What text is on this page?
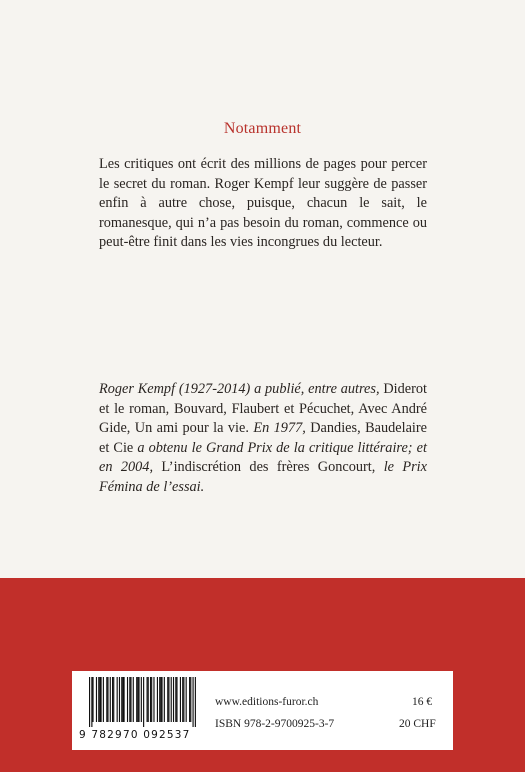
Notamment
Les critiques ont écrit des millions de pages pour percer le secret du roman. Roger Kempf leur suggère de passer enfin à autre chose, puisque, chacun le sait, le romanesque, qui n’a pas besoin du roman, commence ou peut-être finit dans les vies incongrues du lecteur.
Roger Kempf (1927-2014) a publié, entre autres, Diderot et le roman, Bouvard, Flaubert et Pécuchet, Avec André Gide, Un ami pour la vie. En 1977, Dandies, Baudelaire et Cie a obtenu le Grand Prix de la critique littéraire; et en 2004, L’indiscrétion des frères Goncourt, le Prix Fémina de l’essai.
9 782970 092537
www.editions-furor.ch
ISBN 978-2-9700925-3-7
16 €
20 CHF
